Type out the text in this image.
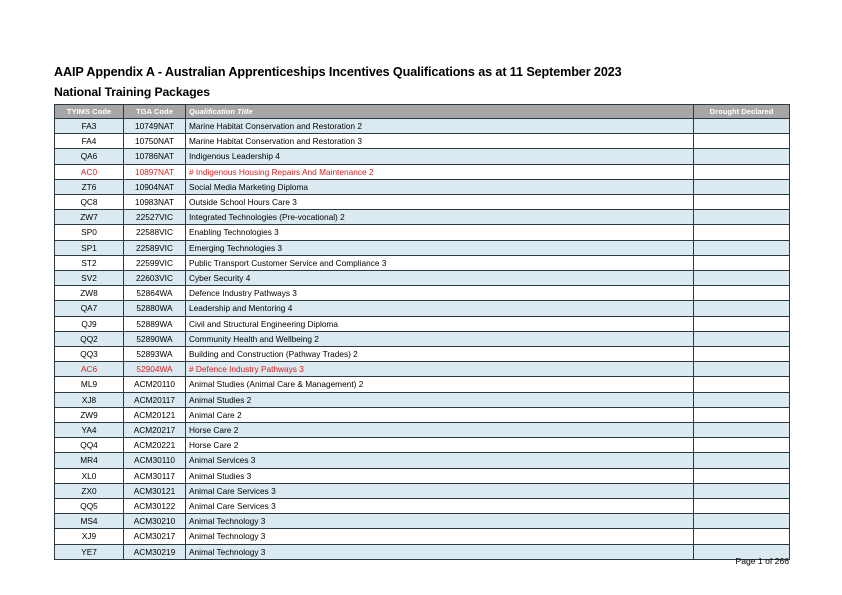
AAIP Appendix A - Australian Apprenticeships Incentives Qualifications as at 11 September 2023
National Training Packages
TYIMS Code	TGA Code	Qualification Title	Drought Declared
FA3	10749NAT	Marine Habitat Conservation and Restoration 2	
FA4	10750NAT	Marine Habitat Conservation and Restoration 3	
QA6	10786NAT	Indigenous Leadership 4	
AC0	10897NAT	# Indigenous Housing Repairs And Maintenance 2	
ZT6	10904NAT	Social Media Marketing Diploma	
QC8	10983NAT	Outside School Hours Care 3	
ZW7	22527VIC	Integrated Technologies (Pre-vocational) 2	
SP0	22588VIC	Enabling Technologies 3	
SP1	22589VIC	Emerging Technologies 3	
ST2	22599VIC	Public Transport Customer Service and Compliance 3	
SV2	22603VIC	Cyber Security 4	
ZW8	52864WA	Defence Industry Pathways 3	
QA7	52880WA	Leadership and Mentoring 4	
QJ9	52889WA	Civil and Structural Engineering Diploma	
QQ2	52890WA	Community Health and Wellbeing 2	
QQ3	52893WA	Building and Construction (Pathway Trades) 2	
AC6	52904WA	# Defence Industry Pathways 3	
ML9	ACM20110	Animal Studies (Animal Care & Management) 2	
XJ8	ACM20117	Animal Studies 2	
ZW9	ACM20121	Animal Care 2	
YA4	ACM20217	Horse Care 2	
QQ4	ACM20221	Horse Care 2	
MR4	ACM30110	Animal Services 3	
XL0	ACM30117	Animal Studies 3	
ZX0	ACM30121	Animal Care Services 3	
QQ5	ACM30122	Animal Care Services 3	
MS4	ACM30210	Animal Technology 3	
XJ9	ACM30217	Animal Technology 3	
YE7	ACM30219	Animal Technology 3	
Page 1 of 266
